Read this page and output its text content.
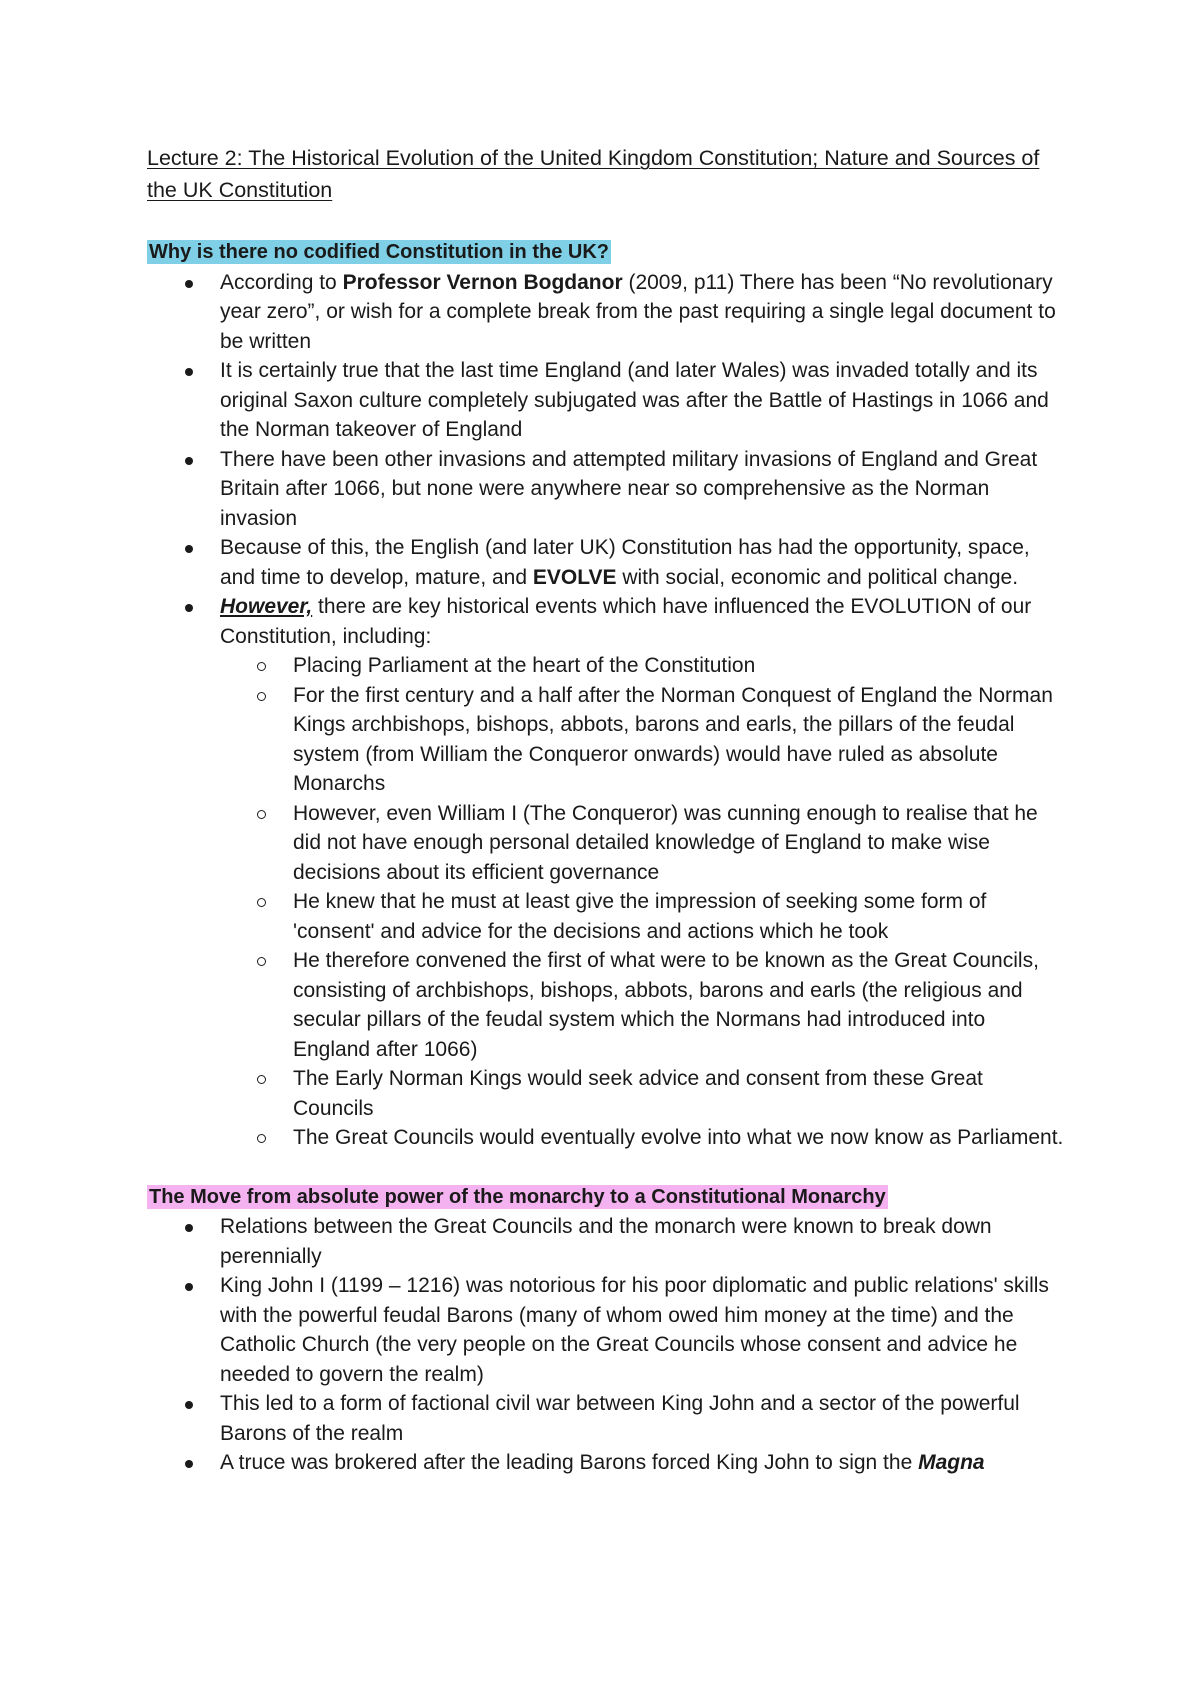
Lecture 2: The Historical Evolution of the United Kingdom Constitution; Nature and Sources of the UK Constitution

Why is there no codified Constitution in the UK?

According to Professor Vernon Bogdanor (2009, p11) There has been “No revolutionary year zero”, or wish for a complete break from the past requiring a single legal document to be written
It is certainly true that the last time England (and later Wales) was invaded totally and its original Saxon culture completely subjugated was after the Battle of Hastings in 1066 and the Norman takeover of England
There have been other invasions and attempted military invasions of England and Great Britain after 1066, but none were anywhere near so comprehensive as the Norman invasion
Because of this, the English (and later UK) Constitution has had the opportunity, space, and time to develop, mature, and EVOLVE with social, economic and political change.
However, there are key historical events which have influenced the EVOLUTION of our Constitution, including:
Placing Parliament at the heart of the Constitution
For the first century and a half after the Norman Conquest of England the Norman Kings archbishops, bishops, abbots, barons and earls, the pillars of the feudal system (from William the Conqueror onwards) would have ruled as absolute Monarchs
However, even William I (The Conqueror) was cunning enough to realise that he did not have enough personal detailed knowledge of England to make wise decisions about its efficient governance
He knew that he must at least give the impression of seeking some form of 'consent' and advice for the decisions and actions which he took
He therefore convened the first of what were to be known as the Great Councils, consisting of archbishops, bishops, abbots, barons and earls (the religious and secular pillars of the feudal system which the Normans had introduced into England after 1066)
The Early Norman Kings would seek advice and consent from these Great Councils
The Great Councils would eventually evolve into what we now know as Parliament.

The Move from absolute power of the monarchy to a Constitutional Monarchy

Relations between the Great Councils and the monarch were known to break down perennially
King John I (1199 – 1216) was notorious for his poor diplomatic and public relations' skills with the powerful feudal Barons (many of whom owed him money at the time) and the Catholic Church (the very people on the Great Councils whose consent and advice he needed to govern the realm)
This led to a form of factional civil war between King John and a sector of the powerful Barons of the realm
A truce was brokered after the leading Barons forced King John to sign the Magna
